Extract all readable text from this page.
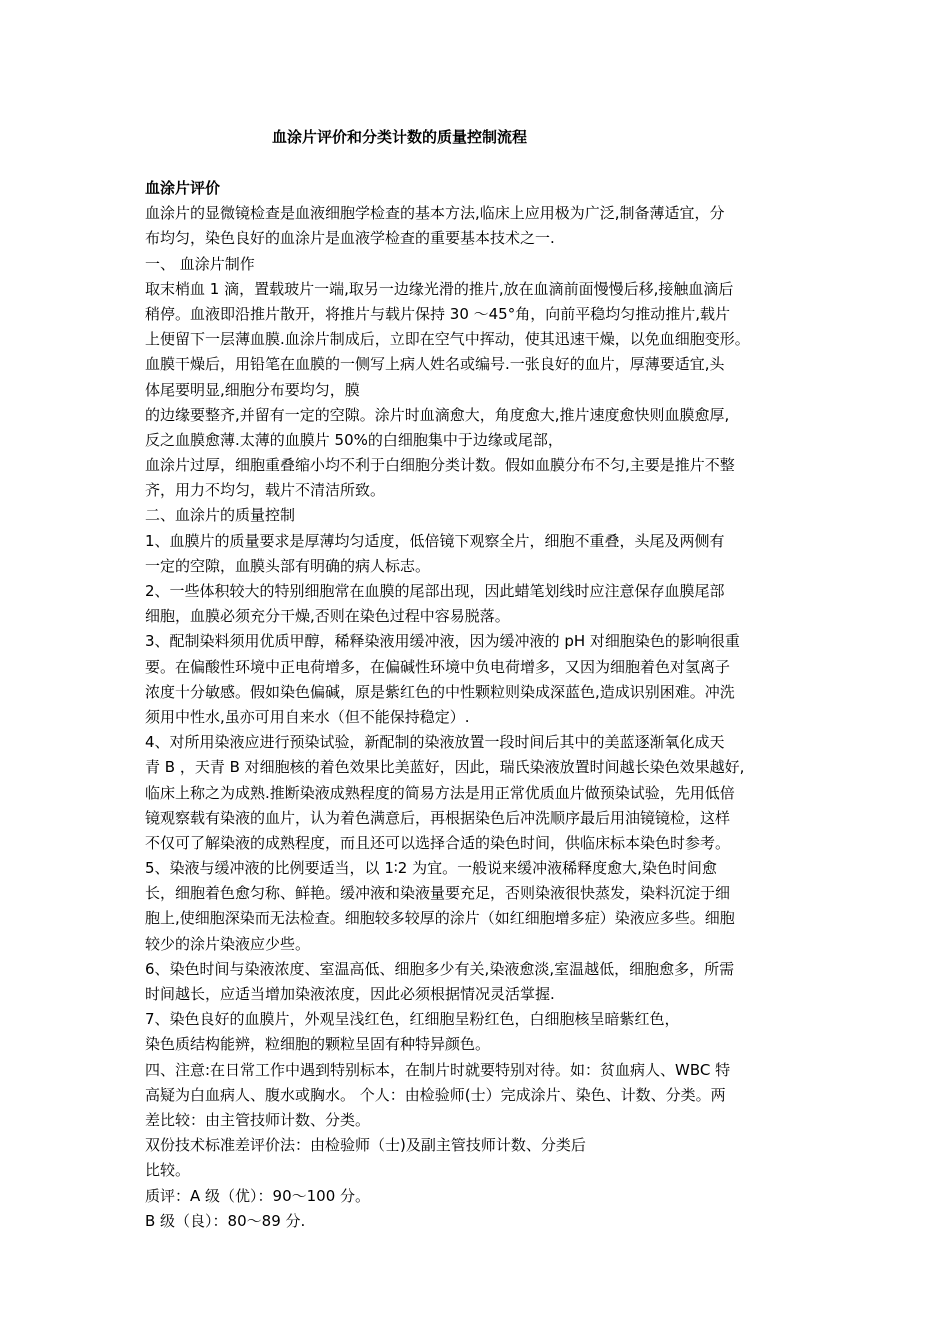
血涂片评价和分类计数的质量控制流程
血涂片评价
血涂片的显微镜检查是血液细胞学检查的基本方法,临床上应用极为广泛,制备薄适宜，分
布均匀，染色良好的血涂片是血液学检查的重要基本技术之一.
一、 血涂片制作
取末梢血 1 滴，置载玻片一端,取另一边缘光滑的推片,放在血滴前面慢慢后移,接触血滴后
稍停。血液即沿推片散开，将推片与载片保持 30 ～45°角，向前平稳均匀推动推片,载片
上便留下一层薄血膜.血涂片制成后，立即在空气中挥动，使其迅速干燥，以免血细胞变形。
血膜干燥后，用铅笔在血膜的一侧写上病人姓名或编号.一张良好的血片，厚薄要适宜,头
体尾要明显,细胞分布要均匀，膜
的边缘要整齐,并留有一定的空隙。涂片时血滴愈大，角度愈大,推片速度愈快则血膜愈厚,
反之血膜愈薄.太薄的血膜片 50%的白细胞集中于边缘或尾部，
血涂片过厚，细胞重叠缩小均不利于白细胞分类计数。假如血膜分布不匀,主要是推片不整
齐，用力不均匀，载片不清洁所致。
二、血涂片的质量控制
1、血膜片的质量要求是厚薄均匀适度，低倍镜下观察全片，细胞不重叠，头尾及两侧有
一定的空隙，血膜头部有明确的病人标志。
2、一些体积较大的特别细胞常在血膜的尾部出现，因此蜡笔划线时应注意保存血膜尾部
细胞，血膜必须充分干燥,否则在染色过程中容易脱落。
3、配制染料须用优质甲醇，稀释染液用缓冲液，因为缓冲液的 pH 对细胞染色的影响很重
要。在偏酸性环境中正电荷增多，在偏碱性环境中负电荷增多，又因为细胞着色对氢离子
浓度十分敏感。假如染色偏碱，原是紫红色的中性颗粒则染成深蓝色,造成识别困难。冲洗
须用中性水,虽亦可用自来水（但不能保持稳定）.
4、对所用染液应进行预染试验，新配制的染液放置一段时间后其中的美蓝逐渐氧化成天
青 B ，天青 B 对细胞核的着色效果比美蓝好，因此，瑞氏染液放置时间越长染色效果越好,
临床上称之为成熟.推断染液成熟程度的简易方法是用正常优质血片做预染试验，先用低倍
镜观察载有染液的血片，认为着色满意后，再根据染色后冲洗顺序最后用油镜镜检，这样
不仅可了解染液的成熟程度，而且还可以选择合适的染色时间，供临床标本染色时参考。
5、染液与缓冲液的比例要适当，以 1∶2 为宜。一般说来缓冲液稀释度愈大,染色时间愈
长，细胞着色愈匀称、鲜艳。缓冲液和染液量要充足，否则染液很快蒸发，染料沉淀于细
胞上,使细胞深染而无法检查。细胞较多较厚的涂片（如红细胞增多症）染液应多些。细胞
较少的涂片染液应少些。
6、染色时间与染液浓度、室温高低、细胞多少有关,染液愈淡,室温越低，细胞愈多，所需
时间越长，应适当增加染液浓度，因此必须根据情况灵活掌握.
7、染色良好的血膜片，外观呈浅红色，红细胞呈粉红色，白细胞核呈暗紫红色，
染色质结构能辨，粒细胞的颗粒呈固有种特异颜色。
四、注意:在日常工作中遇到特别标本，在制片时就要特别对待。如：贫血病人、WBC 特
高疑为白血病人、腹水或胸水。 个人：由检验师(士）完成涂片、染色、计数、分类。两
差比较：由主管技师计数、分类。
双份技术标准差评价法：由检验师（士)及副主管技师计数、分类后
比较。
质评：A 级（优）：90～100 分。
B 级（良）：80～89 分.
